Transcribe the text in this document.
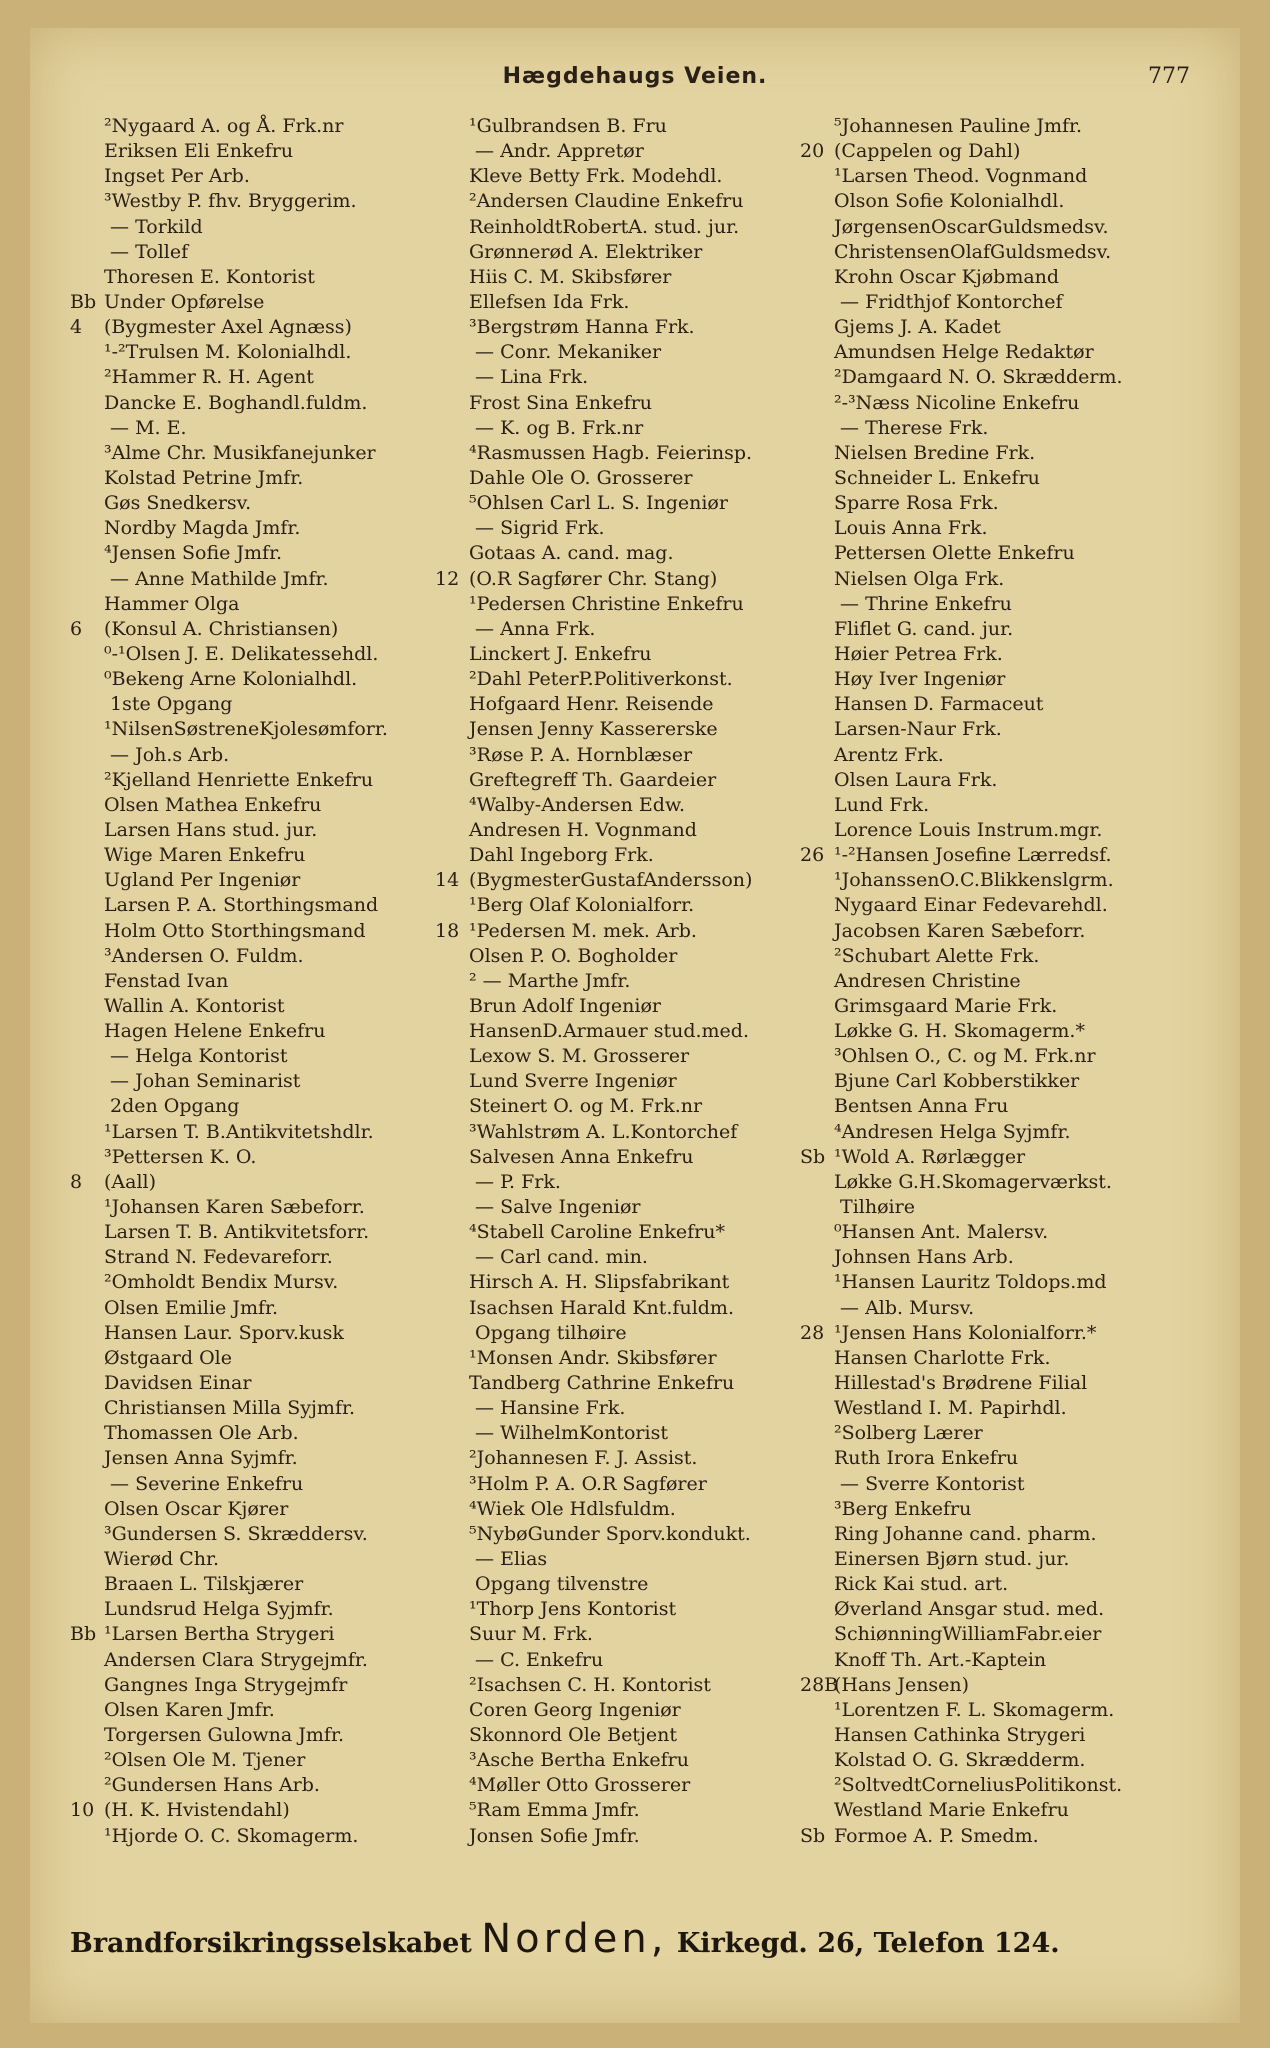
Hægdehaugs Veien.	777
²Nygaard A. og Å. Frk.nr
Eriksen Eli Enkefru
Ingset Per Arb.
³Westby P. fhv. Bryggerim.
— Torkild
— Tollef
Thoresen E. Kontorist
Bb Under Opførelse
4 (Bygmester Axel Agnæss)
¹-²Trulsen M. Kolonialhdl.
²Hammer R. H. Agent
Dancke E. Boghandl.fuldm.
— M. E.
³Alme Chr. Musikfanejunker
Kolstad Petrine Jmfr.
Gøs Snedkersv.
Nordby Magda Jmfr.
⁴Jensen Sofie Jmfr.
— Anne Mathilde Jmfr.
Hammer Olga
6 (Konsul A. Christiansen)
⁰-¹Olsen J. E. Delikatessehdl.
⁰Bekeng Arne Kolonialhdl.
1ste Opgang
¹NilsenSøstreneKjolesømforr.
— Joh.s Arb.
²Kjelland Henriette Enkefru
Olsen Mathea Enkefru
Larsen Hans stud. jur.
Wige Maren Enkefru
Ugland Per Ingeniør
Larsen P. A. Storthingsmand
Holm Otto Storthingsmand
³Andersen O. Fuldm.
Fenstad Ivan
Wallin A. Kontorist
Hagen Helene Enkefru
— Helga Kontorist
— Johan Seminarist
2den Opgang
¹Larsen T. B.Antikvitetshdlr.
³Pettersen K. O.
8 (Aall)
¹Johansen Karen Sæbeforr.
Larsen T. B. Antikvitetsforr.
Strand N. Fedevareforr.
²Omholdt Bendix Mursv.
Olsen Emilie Jmfr.
Hansen Laur. Sporv.kusk
Østgaard Ole
Davidsen Einar
Christiansen Milla Syjmfr.
Thomassen Ole Arb.
Jensen Anna Syjmfr.
— Severine Enkefru
Olsen Oscar Kjører
³Gundersen S. Skræddersv.
Wierød Chr.
Braaen L. Tilskjærer
Lundsrud Helga Syjmfr.
Bb ¹Larsen Bertha Strygeri
Andersen Clara Strygejmfr.
Gangnes Inga Strygejmfr
Olsen Karen Jmfr.
Torgersen Gulowna Jmfr.
²Olsen Ole M. Tjener
²Gundersen Hans Arb.
10 (H. K. Hvistendahl)
¹Hjorde O. C. Skomagerm.
¹Gulbrandsen B. Fru
— Andr. Appretør
Kleve Betty Frk. Modehdl.
²Andersen Claudine Enkefru
ReinholdtRobertA. stud. jur.
Grønnerød A. Elektriker
Hiis C. M. Skibsfører
Ellefsen Ida Frk.
³Bergstrøm Hanna Frk.
— Conr. Mekaniker
— Lina Frk.
Frost Sina Enkefru
— K. og B. Frk.nr
⁴Rasmussen Hagb. Feierinsp.
Dahle Ole O. Grosserer
⁵Ohlsen Carl L. S. Ingeniør
— Sigrid Frk.
Gotaas A. cand. mag.
12 (O.R Sagfører Chr. Stang)
¹Pedersen Christine Enkefru
— Anna Frk.
Linckert J. Enkefru
²Dahl PeterP.Politiverkonst.
Hofgaard Henr. Reisende
Jensen Jenny Kassererske
³Røse P. A. Hornblæser
Greftegreff Th. Gaardeier
⁴Walby-Andersen Edw.
Andresen H. Vognmand
Dahl Ingeborg Frk.
14 (BygmesterGustafAndersson)
¹Berg Olaf Kolonialforr.
18 ¹Pedersen M. mek. Arb.
Olsen P. O. Bogholder
² — Marthe Jmfr.
Brun Adolf Ingeniør
HansenD.Armauer stud.med.
Lexow S. M. Grosserer
Lund Sverre Ingeniør
Steinert O. og M. Frk.nr
³Wahlstrøm A. L.Kontorchef
Salvesen Anna Enkefru
— P. Frk.
— Salve Ingeniør
⁴Stabell Caroline Enkefru*
— Carl cand. min.
Hirsch A. H. Slipsfabrikant
Isachsen Harald Knt.fuldm.
Opgang tilhøire
¹Monsen Andr. Skibsfører
Tandberg Cathrine Enkefru
— Hansine Frk.
— WilhelmKontorist
²Johannesen F. J. Assist.
³Holm P. A. O.R Sagfører
⁴Wiek Ole Hdlsfuldm.
⁵NybøGunder Sporv.kondukt.
— Elias
Opgang tilvenstre
¹Thorp Jens Kontorist
Suur M. Frk.
— C. Enkefru
²Isachsen C. H. Kontorist
Coren Georg Ingeniør
Skonnord Ole Betjent
³Asche Bertha Enkefru
⁴Møller Otto Grosserer
⁵Ram Emma Jmfr.
Jonsen Sofie Jmfr.
⁵Johannesen Pauline Jmfr.
20 (Cappelen og Dahl)
¹Larsen Theod. Vognmand
Olson Sofie Kolonialhdl.
JørgensenOscarGuldsmedsv.
ChristensenOlafGuldsmedsv.
Krohn Oscar Kjøbmand
— Fridthjof Kontorchef
Gjems J. A. Kadet
Amundsen Helge Redaktør
²Damgaard N. O. Skrædderm.
²-³Næss Nicoline Enkefru
— Therese Frk.
Nielsen Bredine Frk.
Schneider L. Enkefru
Sparre Rosa Frk.
Louis Anna Frk.
Pettersen Olette Enkefru
Nielsen Olga Frk.
— Thrine Enkefru
Fliflet G. cand. jur.
Høier Petrea Frk.
Høy Iver Ingeniør
Hansen D. Farmaceut
Larsen-Naur Frk.
Arentz Frk.
Olsen Laura Frk.
Lund Frk.
Lorence Louis Instrum.mgr.
26 ¹-²Hansen Josefine Lærredsf.
¹JohanssenO.C.Blikkenslgrm.
Nygaard Einar Fedevarehdl.
Jacobsen Karen Sæbeforr.
²Schubart Alette Frk.
Andresen Christine
Grimsgaard Marie Frk.
Løkke G. H. Skomagerm.*
³Ohlsen O., C. og M. Frk.nr
Bjune Carl Kobberstikker
Bentsen Anna Fru
⁴Andresen Helga Syjmfr.
Sb ¹Wold A. Rørlægger
Løkke G.H.Skomagerværkst.
Tilhøire
⁰Hansen Ant. Malersv.
Johnsen Hans Arb.
¹Hansen Lauritz Toldops.md
— Alb. Mursv.
28 ¹Jensen Hans Kolonialforr.*
Hansen Charlotte Frk.
Hillestad's Brødrene Filial
Westland I. M. Papirhdl.
²Solberg Lærer
Ruth Irora Enkefru
— Sverre Kontorist
³Berg Enkefru
Ring Johanne cand. pharm.
Einersen Bjørn stud. jur.
Rick Kai stud. art.
Øverland Ansgar stud. med.
SchiønningWilliamFabr.eier
Knoff Th. Art.-Kaptein
28B(Hans Jensen)
¹Lorentzen F. L. Skomagerm.
Hansen Cathinka Strygeri
Kolstad O. G. Skrædderm.
²SoltvedtCorneliusPolitikonst.
Westland Marie Enkefru
Sb Formoe A. P. Smedm.
Brandforsikringsselskabet Norden, Kirkegd. 26, Telefon 124.
